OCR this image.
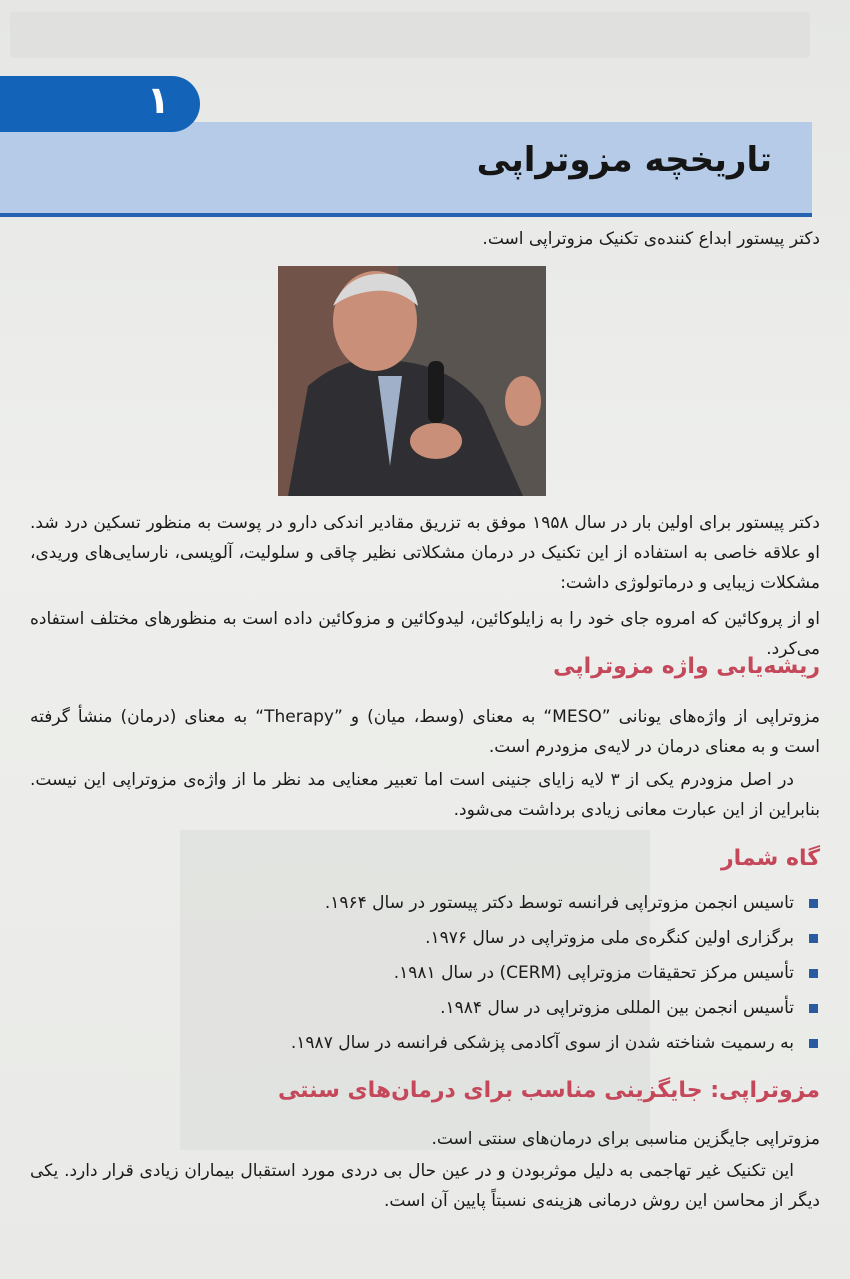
۱
تاریخچه مزوتراپی
دکتر پیستور ابداع کننده‌ی تکنیک مزوتراپی است.
دکتر پیستور برای اولین بار در سال ۱۹۵۸ موفق به تزریق مقادیر اندکی دارو در پوست به منظور تسکین درد شد. او علاقه خاصی به استفاده از این تکنیک در درمان مشکلاتی نظیر چاقی و سلولیت، آلوپسی، نارسایی‌های وریدی، مشکلات زیبایی و درماتولوژی داشت:
او از پروکائین که امروه جای خود را به زایلوکائین، لیدوکائین و مزوکائین داده است به منظورهای مختلف استفاده می‌کرد.
ریشه‌یابی واژه مزوتراپی
مزوتراپی از واژه‌های یونانی ”MESO“ به معنای (وسط، میان) و ”Therapy“ به معنای (درمان) منشأ گرفته است و به معنای درمان در لایه‌ی مزودرم است.
در اصل مزودرم یکی از ۳ لایه زایای جنینی است اما تعبیر معنایی مد نظر ما از واژه‌ی مزوتراپی این نیست. بنابراین از این عبارت معانی زیادی برداشت می‌شود.
گاه شمار
تاسیس انجمن مزوتراپی فرانسه توسط دکتر پیستور در سال ۱۹۶۴.
برگزاری اولین کنگره‌ی ملی مزوتراپی در سال ۱۹۷۶.
تأسیس مرکز تحقیقات مزوتراپی (CERM) در سال ۱۹۸۱.
تأسیس انجمن بین المللی مزوتراپی در سال ۱۹۸۴.
به رسمیت شناخته شدن از سوی آکادمی پزشکی فرانسه در سال ۱۹۸۷.
مزوتراپی: جایگزینی مناسب برای درمان‌های سنتی
مزوتراپی جایگزین مناسبی برای درمان‌های سنتی است.
این تکنیک غیر تهاجمی به دلیل موثربودن و در عین حال بی دردی مورد استقبال بیماران زیادی قرار دارد. یکی دیگر از محاسن این روش درمانی هزینه‌ی نسبتاً پایین آن است.
